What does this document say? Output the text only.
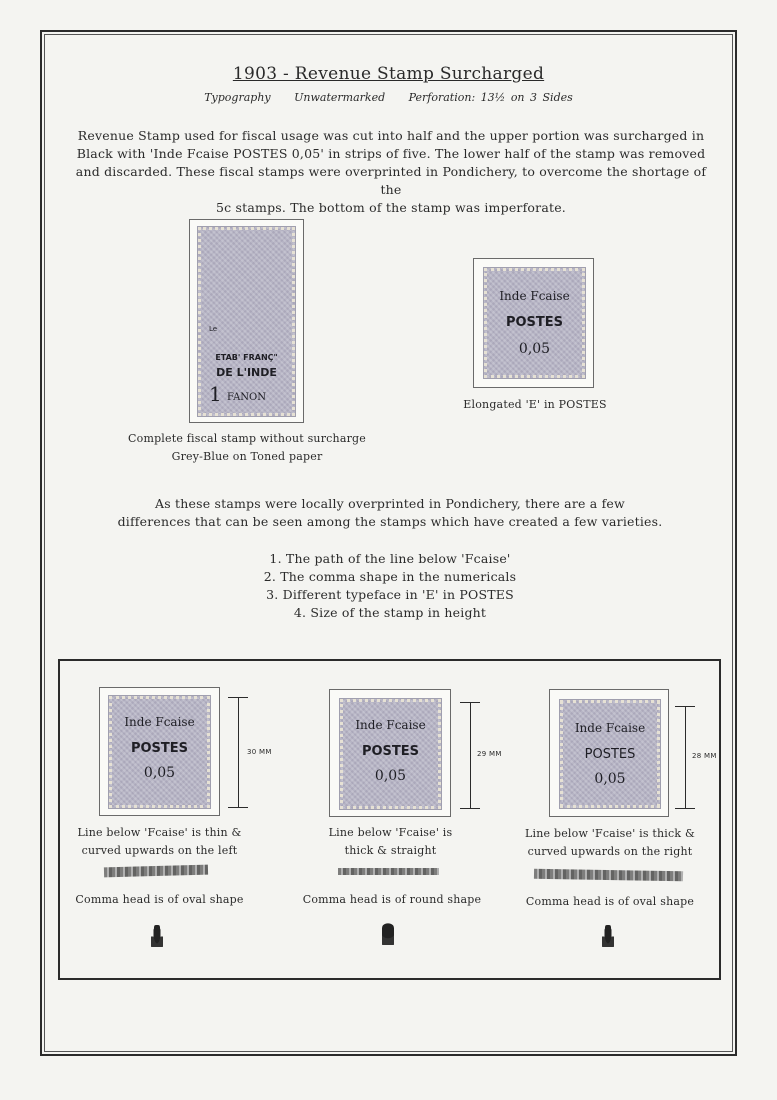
1903 - Revenue Stamp Surcharged
Typography Unwatermarked Perforation: 13½ on 3 Sides
Revenue Stamp used for fiscal usage was cut into half and the upper portion was surcharged in
Black with 'Inde Fcaise POSTES 0,05' in strips of five. The lower half of the stamp was removed
and discarded. These fiscal stamps were overprinted in Pondichery, to overcome the shortage of the
5c stamps. The bottom of the stamp was imperforate.
Le
ETAB' FRANÇ"
DE L'INDE
1 FANON
Complete fiscal stamp without surcharge
Grey-Blue on Toned paper
Inde Fcaise
POSTES
0,05
Elongated 'E' in POSTES
As these stamps were locally overprinted in Pondichery, there are a few
differences that can be seen among the stamps which have created a few varieties.
1. The path of the line below 'Fcaise'
2. The comma shape in the numericals
3. Different typeface in 'E' in POSTES
4. Size of the stamp in height
Inde Fcaise
POSTES
0,05
30 MM
Line below 'Fcaise' is thin &
curved upwards on the left
Comma head is of oval shape
Inde Fcaise
POSTES
0,05
29 MM
Line below 'Fcaise' is
thick & straight
Comma head is of round shape
Inde Fcaise
POSTES
0,05
28 MM
Line below 'Fcaise' is thick &
curved upwards on the right
Comma head is of oval shape
